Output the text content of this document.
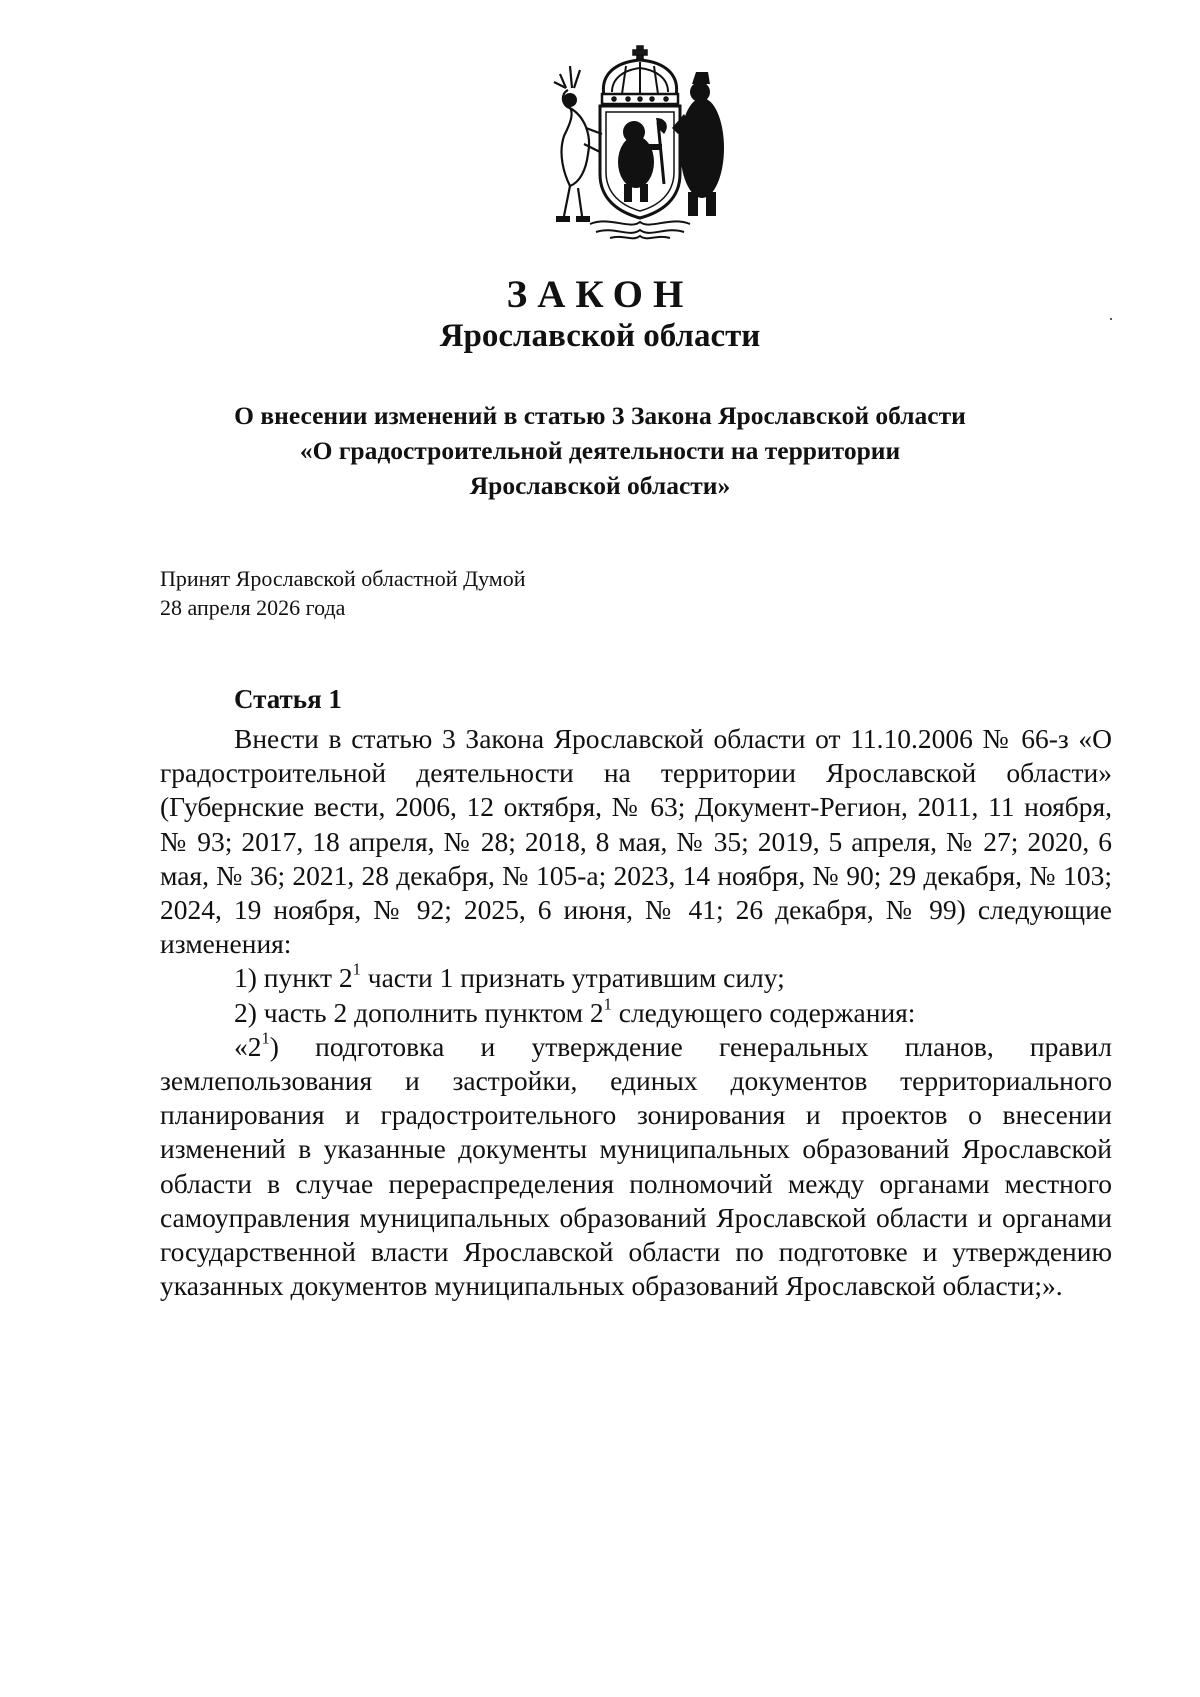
ЗАКОН
Ярославской области
О внесении изменений в статью 3 Закона Ярославской области
«О градостроительной деятельности на территории
Ярославской области»
Принят Ярославской областной Думой
28 апреля 2026 года
Статья 1

Внести в статью 3 Закона Ярославской области от 11.10.2006 № 66-з «О градостроительной деятельности на территории Ярославской области» (Губернские вести, 2006, 12 октября, № 63; Документ-Регион, 2011, 11 ноября, № 93; 2017, 18 апреля, № 28; 2018, 8 мая, № 35; 2019, 5 апреля, № 27; 2020, 6 мая, № 36; 2021, 28 декабря, № 105-а; 2023, 14 ноября, № 90; 29 декабря, № 103; 2024, 19 ноября, № 92; 2025, 6 июня, № 41; 26 декабря, № 99) следующие изменения:

1) пункт $2^1$ части 1 признать утратившим силу;

2) часть 2 дополнить пунктом $2^1$ следующего содержания:

«$2^1$) подготовка и утверждение генеральных планов, правил землепользования и застройки, единых документов территориального планирования и градостроительного зонирования и проектов о внесении изменений в указанные документы муниципальных образований Ярославской области в случае перераспределения полномочий между органами местного самоуправления муниципальных образований Ярославской области и органами государственной власти Ярославской области по подготовке и утверждению указанных документов муниципальных образований Ярославской области;».
